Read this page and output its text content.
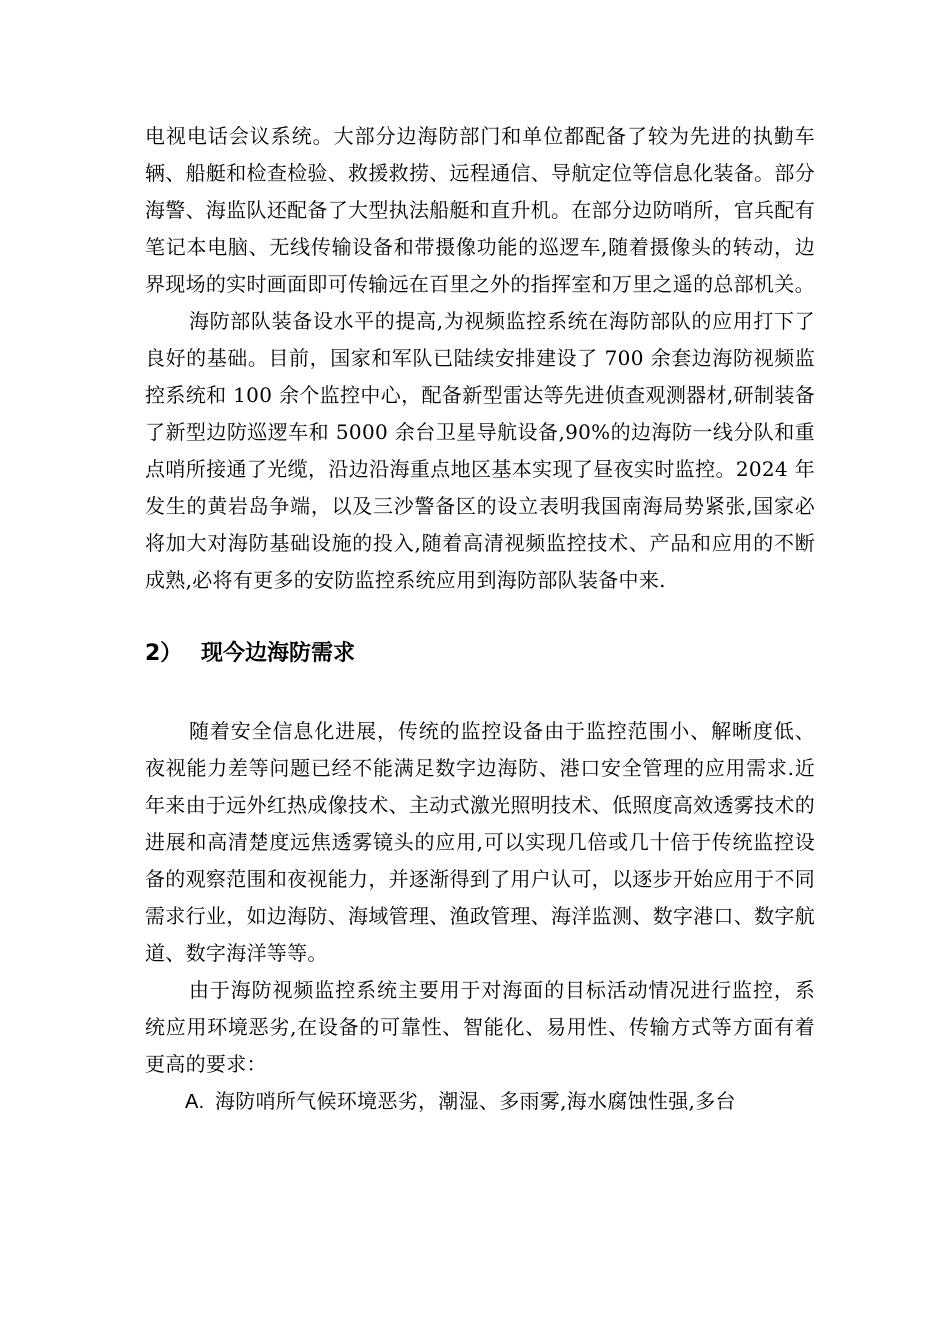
电视电话会议系统。大部分边海防部门和单位都配备了较为先进的执勤车辆、船艇和检查检验、救援救捞、远程通信、导航定位等信息化装备。部分海警、海监队还配备了大型执法船艇和直升机。在部分边防哨所，官兵配有笔记本电脑、无线传输设备和带摄像功能的巡逻车,随着摄像头的转动，边界现场的实时画面即可传输远在百里之外的指挥室和万里之遥的总部机关。

海防部队装备设水平的提高,为视频监控系统在海防部队的应用打下了良好的基础。目前，国家和军队已陆续安排建设了 700 余套边海防视频监控系统和 100 余个监控中心，配备新型雷达等先进侦查观测器材,研制装备了新型边防巡逻车和 5000 余台卫星导航设备,90%的边海防一线分队和重点哨所接通了光缆，沿边沿海重点地区基本实现了昼夜实时监控。2024 年发生的黄岩岛争端，以及三沙警备区的设立表明我国南海局势紧张,国家必将加大对海防基础设施的投入,随着高清视频监控技术、产品和应用的不断成熟,必将有更多的安防监控系统应用到海防部队装备中来.

2） 现今边海防需求

随着安全信息化进展，传统的监控设备由于监控范围小、解晰度低、夜视能力差等问题已经不能满足数字边海防、港口安全管理的应用需求.近年来由于远外红热成像技术、主动式激光照明技术、低照度高效透雾技术的进展和高清楚度远焦透雾镜头的应用,可以实现几倍或几十倍于传统监控设备的观察范围和夜视能力，并逐渐得到了用户认可，以逐步开始应用于不同需求行业，如边海防、海域管理、渔政管理、海洋监测、数字港口、数字航道、数字海洋等等。

由于海防视频监控系统主要用于对海面的目标活动情况进行监控，系统应用环境恶劣,在设备的可靠性、智能化、易用性、传输方式等方面有着更高的要求：

A. 海防哨所气候环境恶劣，潮湿、多雨雾,海水腐蚀性强,多台
